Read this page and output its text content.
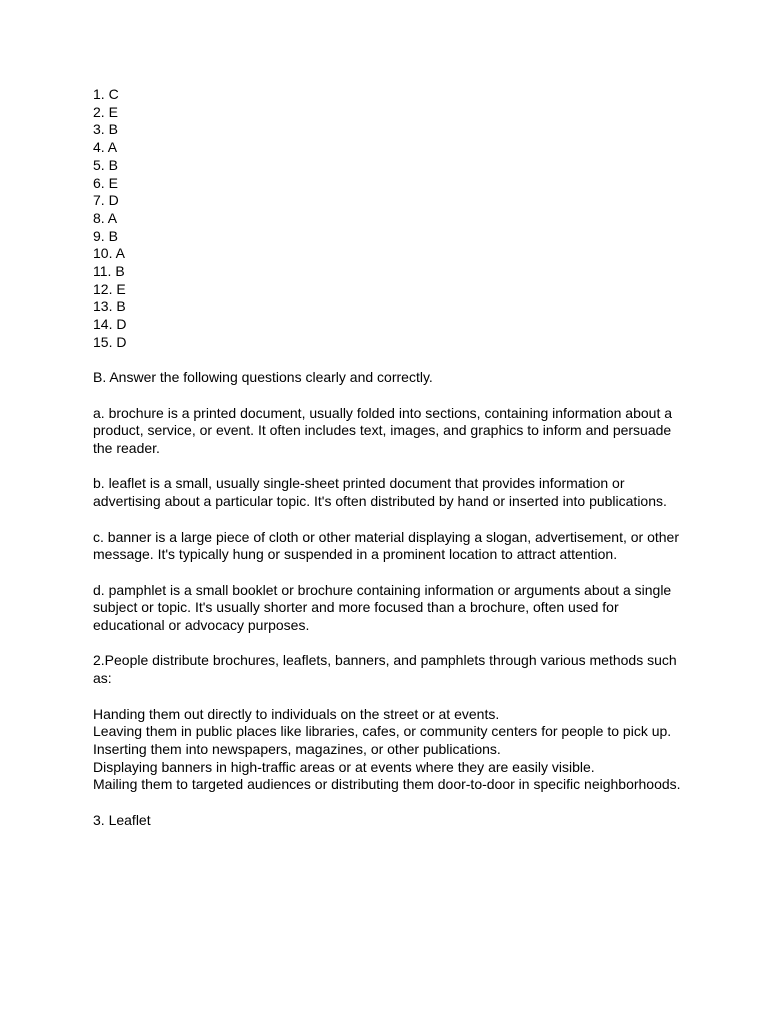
1. C
2. E
3. B
4. A
5. B
6. E
7. D
8. A
9. B
10. A
11. B
12. E
13. B
14. D
15. D

B. Answer the following questions clearly and correctly.

a. brochure is a printed document, usually folded into sections, containing information about a product, service, or event. It often includes text, images, and graphics to inform and persuade the reader.

b. leaflet is a small, usually single-sheet printed document that provides information or advertising about a particular topic. It's often distributed by hand or inserted into publications.

c. banner is a large piece of cloth or other material displaying a slogan, advertisement, or other message. It's typically hung or suspended in a prominent location to attract attention.

d. pamphlet is a small booklet or brochure containing information or arguments about a single subject or topic. It's usually shorter and more focused than a brochure, often used for educational or advocacy purposes.

2.People distribute brochures, leaflets, banners, and pamphlets through various methods such as:

Handing them out directly to individuals on the street or at events.
Leaving them in public places like libraries, cafes, or community centers for people to pick up.
Inserting them into newspapers, magazines, or other publications.
Displaying banners in high-traffic areas or at events where they are easily visible.
Mailing them to targeted audiences or distributing them door-to-door in specific neighborhoods.

3. Leaflet
